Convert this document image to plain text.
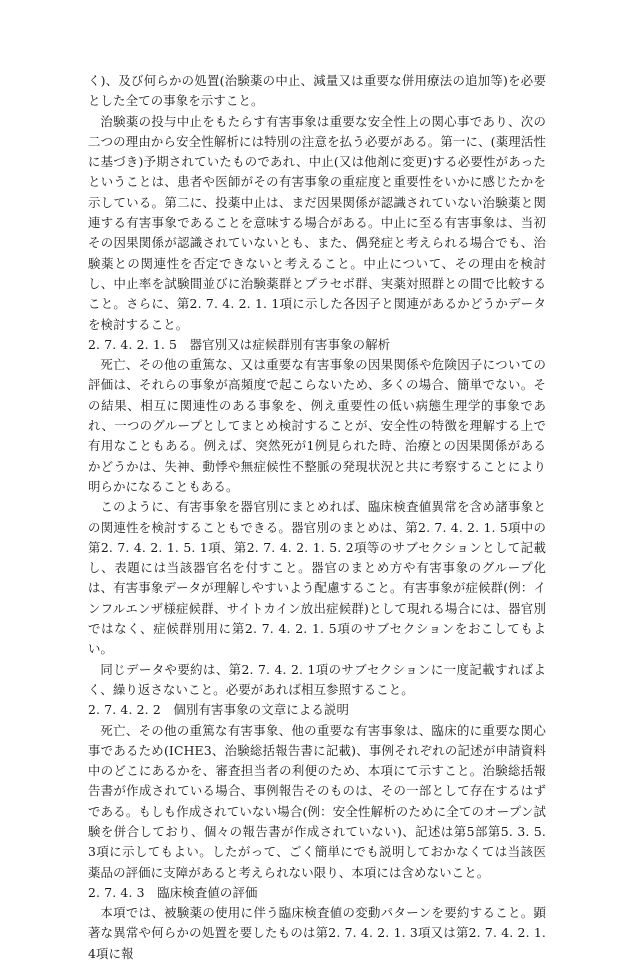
く)、及び何らかの処置(治験薬の中止、減量又は重要な併用療法の追加等)を必要とした全ての事象を示すこと。

治験薬の投与中止をもたらす有害事象は重要な安全性上の関心事であり、次の二つの理由から安全性解析には特別の注意を払う必要がある。第一に、(薬理活性に基づき)予期されていたものであれ、中止(又は他剤に変更)する必要性があったということは、患者や医師がその有害事象の重症度と重要性をいかに感じたかを示している。第二に、投薬中止は、まだ因果関係が認識されていない治験薬と関連する有害事象であることを意味する場合がある。中止に至る有害事象は、当初その因果関係が認識されていないとも、また、偶発症と考えられる場合でも、治験薬との関連性を否定できないと考えること。中止について、その理由を検討し、中止率を試験間並びに治験薬群とプラセボ群、実薬対照群との間で比較すること。さらに、第2. 7. 4. 2. 1. 1項に示した各因子と関連があるかどうかデータを検討すること。

2. 7. 4. 2. 1. 5　器官別又は症候群別有害事象の解析

死亡、その他の重篤な、又は重要な有害事象の因果関係や危険因子についての評価は、それらの事象が高頻度で起こらないため、多くの場合、簡単でない。その結果、相互に関連性のある事象を、例え重要性の低い病態生理学的事象であれ、一つのグループとしてまとめ検討することが、安全性の特徴を理解する上で有用なこともある。例えば、突然死が1例見られた時、治療との因果関係があるかどうかは、失神、動悸や無症候性不整脈の発現状況と共に考察することにより明らかになることもある。

このように、有害事象を器官別にまとめれば、臨床検査値異常を含め諸事象との関連性を検討することもできる。器官別のまとめは、第2. 7. 4. 2. 1. 5項中の第2. 7. 4. 2. 1. 5. 1項、第2. 7. 4. 2. 1. 5. 2項等のサブセクションとして記載し、表題には当該器官名を付すこと。器官のまとめ方や有害事象のグループ化は、有害事象データが理解しやすいよう配慮すること。有害事象が症候群(例：インフルエンザ様症候群、サイトカイン放出症候群)として現れる場合には、器官別ではなく、症候群別用に第2. 7. 4. 2. 1. 5項のサブセクションをおこしてもよい。

同じデータや要約は、第2. 7. 4. 2. 1項のサブセクションに一度記載すればよく、繰り返さないこと。必要があれば相互参照すること。

2. 7. 4. 2. 2　個別有害事象の文章による説明

死亡、その他の重篤な有害事象、他の重要な有害事象は、臨床的に重要な関心事であるため(ICHE3、治験総括報告書に記載)、事例それぞれの記述が申請資料中のどこにあるかを、審査担当者の利便のため、本項にて示すこと。治験総括報告書が作成されている場合、事例報告そのものは、その一部として存在するはずである。もしも作成されていない場合(例：安全性解析のために全てのオープン試験を併合しており、個々の報告書が作成されていない)、記述は第5部第5. 3. 5. 3項に示してもよい。したがって、ごく簡単にでも説明しておかなくては当該医薬品の評価に支障があると考えられない限り、本項には含めないこと。

2. 7. 4. 3　臨床検査値の評価

本項では、被験薬の使用に伴う臨床検査値の変動パターンを要約すること。顕著な異常や何らかの処置を要したものは第2. 7. 4. 2. 1. 3項又は第2. 7. 4. 2. 1. 4項に報
